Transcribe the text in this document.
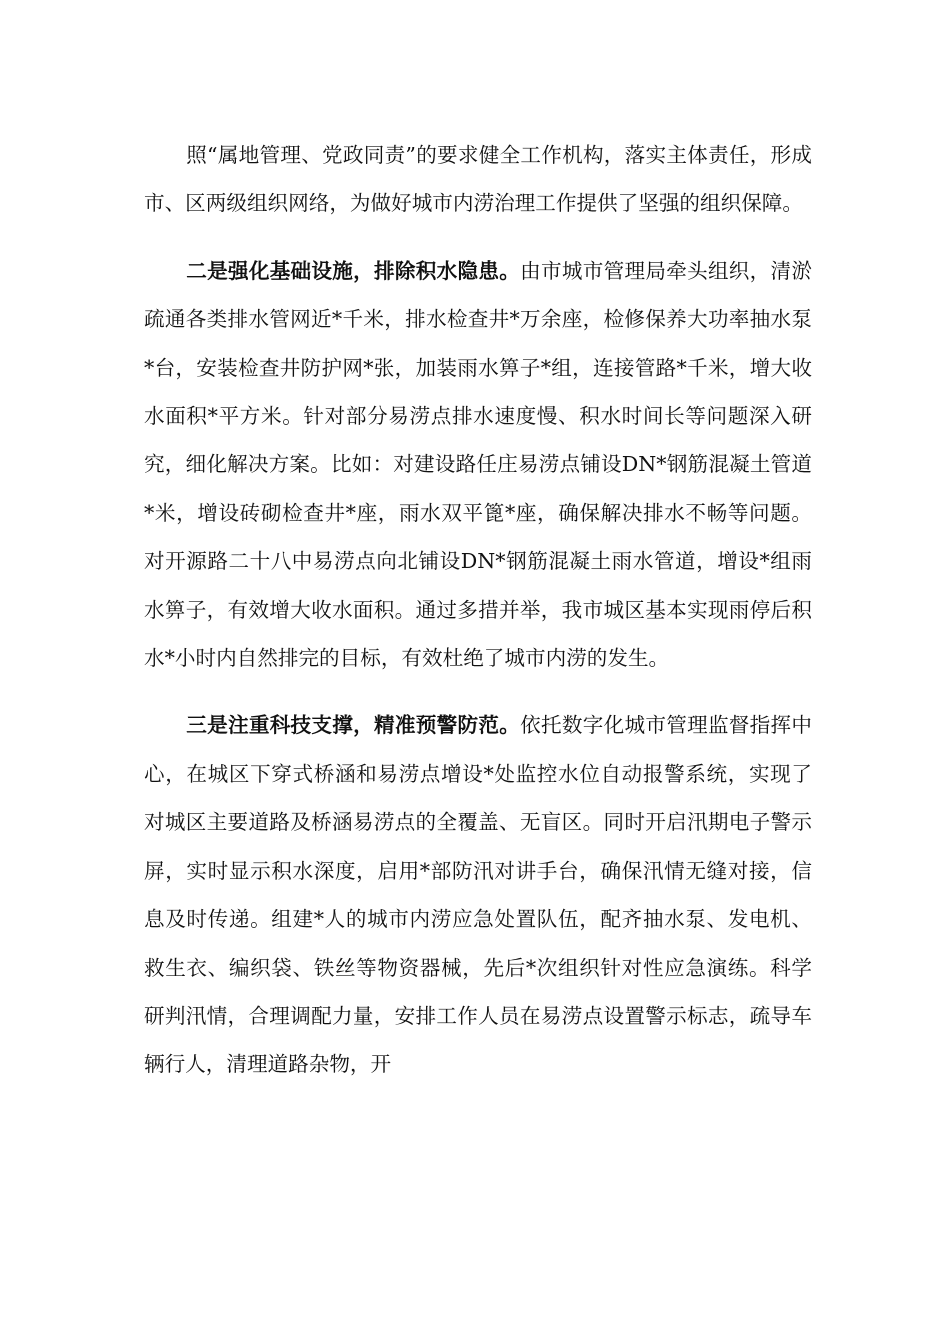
照“属地管理、党政同责”的要求健全工作机构，落实主体责任，形成市、区两级组织网络，为做好城市内涝治理工作提供了坚强的组织保障。

二是强化基础设施，排除积水隐患。由市城市管理局牵头组织，清淤疏通各类排水管网近*千米，排水检查井*万余座，检修保养大功率抽水泵*台，安装检查井防护网*张，加装雨水箅子*组，连接管路*千米，增大收水面积*平方米。针对部分易涝点排水速度慢、积水时间长等问题深入研究，细化解决方案。比如：对建设路任庄易涝点铺设DN*钢筋混凝土管道*米，增设砖砌检查井*座，雨水双平篦*座，确保解决排水不畅等问题。对开源路二十八中易涝点向北铺设DN*钢筋混凝土雨水管道，增设*组雨水箅子，有效增大收水面积。通过多措并举，我市城区基本实现雨停后积水*小时内自然排完的目标，有效杜绝了城市内涝的发生。

三是注重科技支撑，精准预警防范。依托数字化城市管理监督指挥中心，在城区下穿式桥涵和易涝点增设*处监控水位自动报警系统，实现了对城区主要道路及桥涵易涝点的全覆盖、无盲区。同时开启汛期电子警示屏，实时显示积水深度，启用*部防汛对讲手台，确保汛情无缝对接，信息及时传递。组建*人的城市内涝应急处置队伍，配齐抽水泵、发电机、救生衣、编织袋、铁丝等物资器械，先后*次组织针对性应急演练。科学研判汛情，合理调配力量，安排工作人员在易涝点设置警示标志，疏导车辆行人，清理道路杂物，开
